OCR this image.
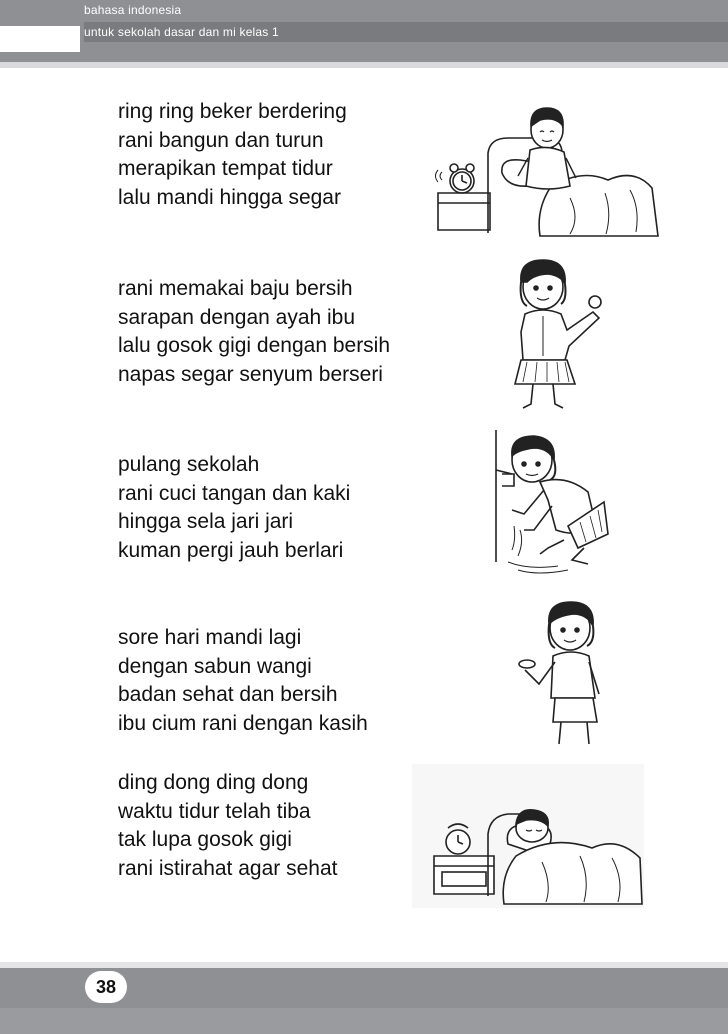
bahasa indonesia
untuk sekolah dasar dan mi kelas 1
ring ring beker berdering
rani bangun dan turun
merapikan tempat tidur
lalu mandi hingga segar
rani memakai baju bersih
sarapan dengan ayah ibu
lalu gosok gigi dengan bersih
napas segar senyum berseri
pulang sekolah
rani cuci tangan dan kaki
hingga sela jari jari
kuman pergi jauh berlari
sore hari mandi lagi
dengan sabun wangi
badan sehat dan bersih
ibu cium rani dengan kasih
ding dong ding dong
waktu tidur telah tiba
tak lupa gosok gigi
rani istirahat agar sehat
38
